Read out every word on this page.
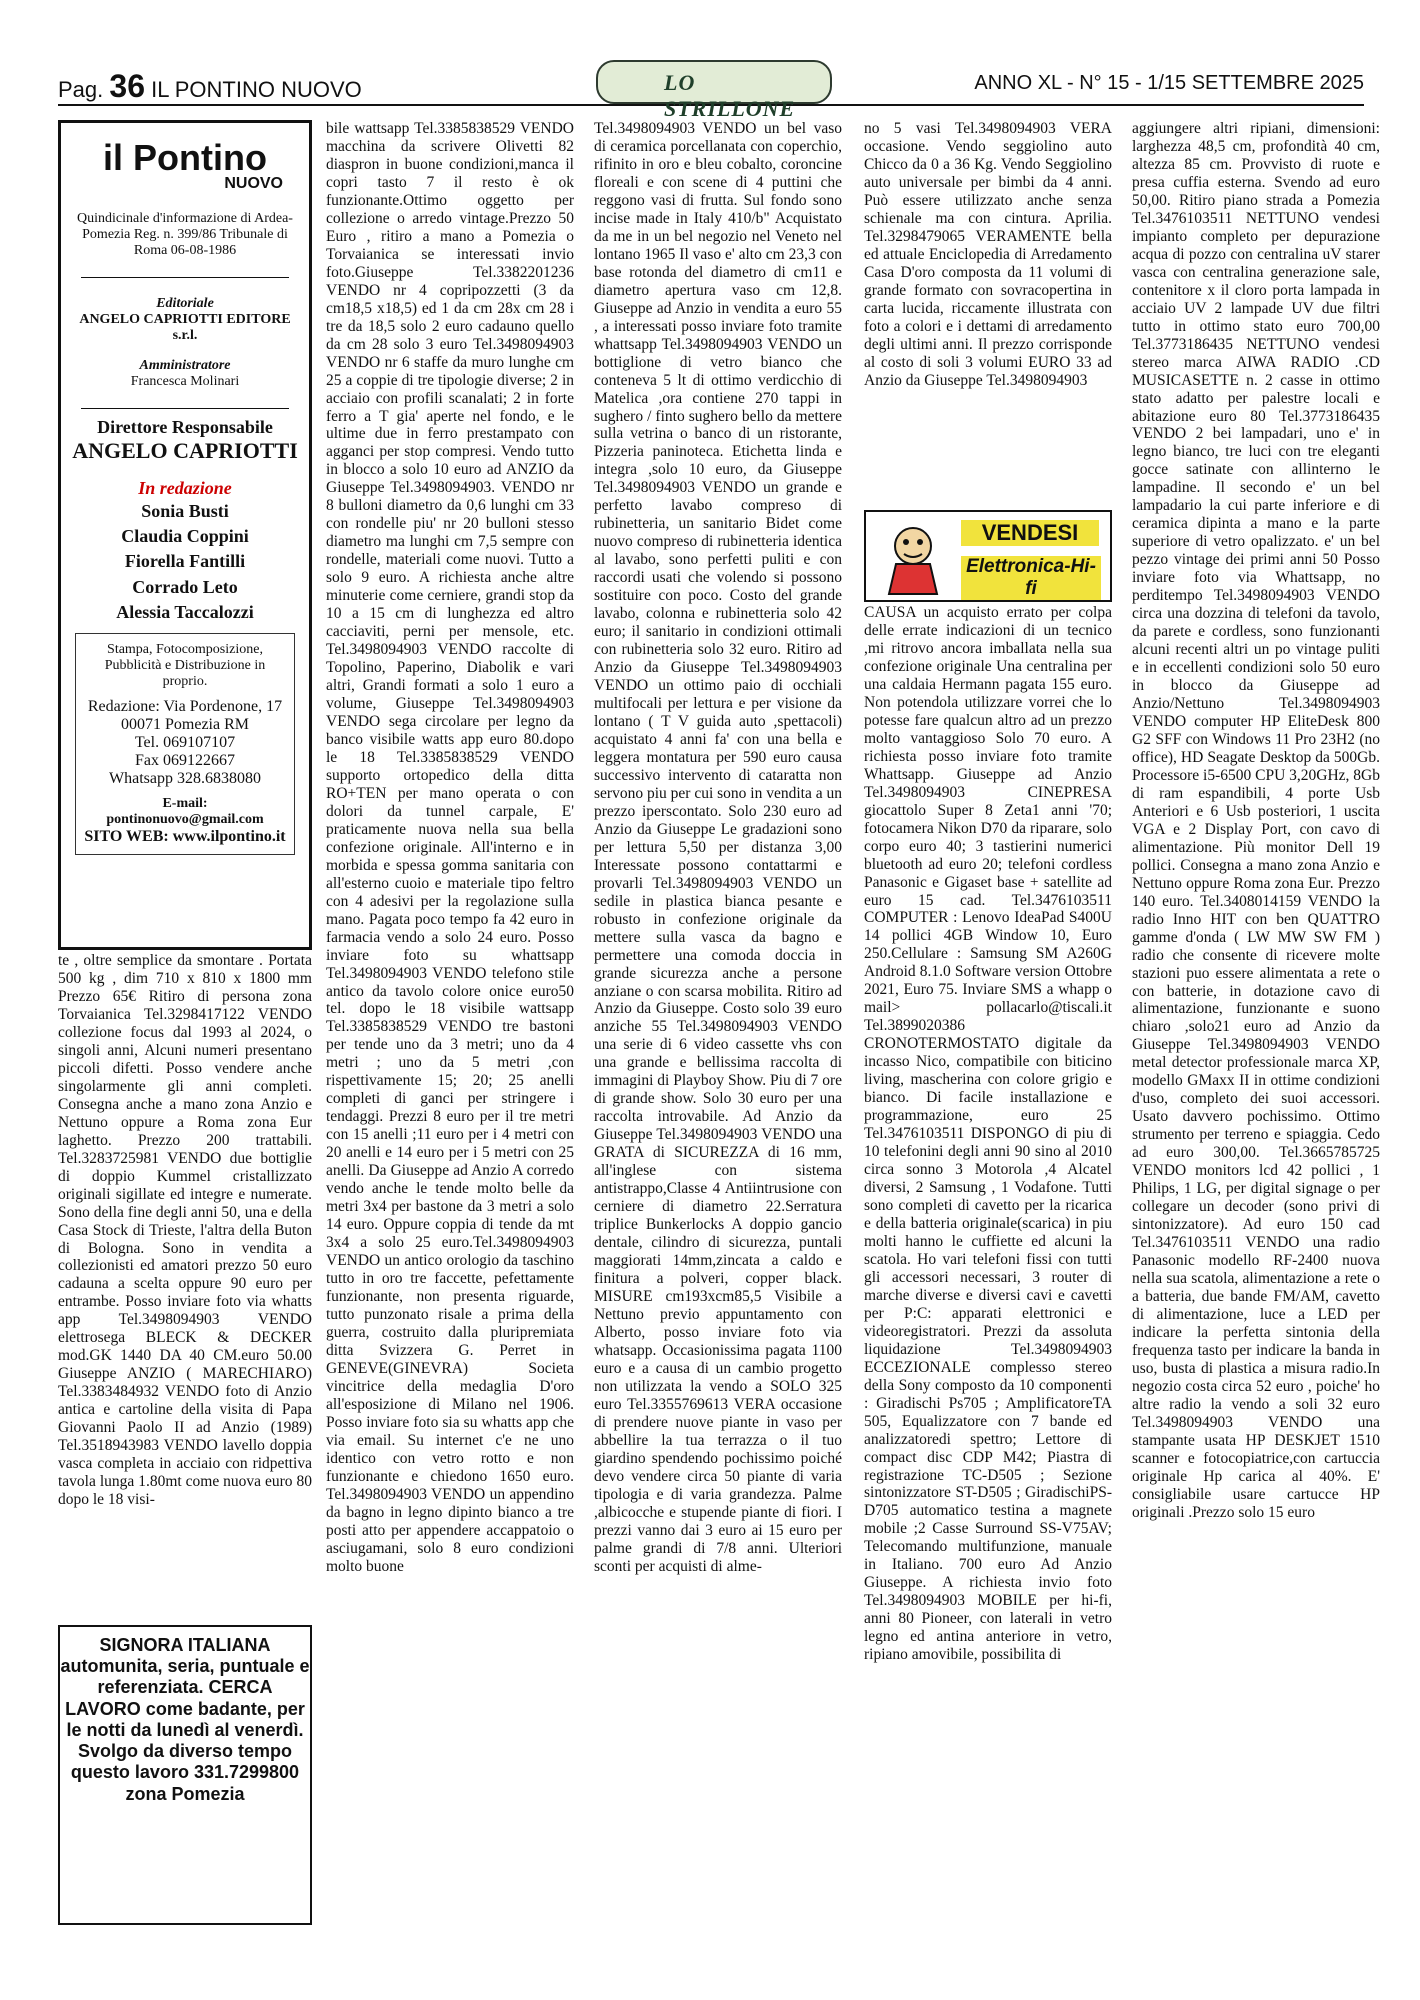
Pag. 36 IL PONTINO NUOVO	LO STRILLONE
ANNO XL - N° 15 - 1/15 SETTEMBRE 2025
il Pontino
NUOVO
Quindicinale d'informazione di Ardea-Pomezia Reg. n. 399/86 Tribunale di Roma 06-08-1986
Editoriale
ANGELO CAPRIOTTI EDITORE s.r.l.
Amministratore
Francesca Molinari
Direttore Responsabile
ANGELO CAPRIOTTI
In redazione
Sonia Busti
Claudia Coppini
Fiorella Fantilli
Corrado Leto
Alessia Taccalozzi
Stampa, Fotocomposizione, Pubblicità e Distribuzione in proprio.
Redazione: Via Pordenone, 17 00071 Pomezia RM
Tel. 069107107
Fax 069122667
Whatsapp 328.6838080
E-mail: pontinonuovo@gmail.com
SITO WEB: www.ilpontino.it

te , oltre semplice da smontare . Portata 500 kg , dim 710 x 810 x 1800 mm Prezzo 65€ Ritiro di persona zona Torvaianica Tel.3298417122 VENDO collezione focus dal 1993 al 2024, o singoli anni, Alcuni numeri presentano piccoli difetti. Posso vendere anche singolarmente gli anni completi. Consegna anche a mano zona Anzio e Nettuno oppure a Roma zona Eur laghetto. Prezzo 200 trattabili. Tel.3283725981 VENDO due bottiglie di doppio Kummel cristallizzato originali sigillate ed integre e numerate. Sono della fine degli anni 50, una e della Casa Stock di Trieste, l'altra della Buton di Bologna. Sono in vendita a collezionisti ed amatori prezzo 50 euro cadauna a scelta oppure 90 euro per entrambe. Posso inviare foto via whatts app Tel.3498094903 VENDO elettrosega BLECK & DECKER mod.GK 1440 DA 40 CM.euro 50.00 Giuseppe ANZIO ( MARECHIARO) Tel.3383484932 VENDO foto di Anzio antica e cartoline della visita di Papa Giovanni Paolo II ad Anzio (1989) Tel.3518943983 VENDO lavello doppia vasca completa in acciaio con ridpettiva tavola lunga 1.80mt come nuova euro 80 dopo le 18 visi-

SIGNORA ITALIANA automunita, seria, puntuale e referenziata. CERCA LAVORO come badante, per le notti da lunedì al venerdì. Svolgo da diverso tempo questo lavoro 331.7299800 zona Pomezia

bile wattsapp Tel.3385838529 VENDO macchina da scrivere Olivetti 82 diaspron in buone condizioni,manca il copri tasto 7 il resto è ok funzionante.Ottimo oggetto per collezione o arredo vintage.Prezzo 50 Euro , ritiro a mano a Pomezia o Torvaianica se interessati invio foto.Giuseppe Tel.3382201236 VENDO nr 4 copripozzetti (3 da cm18,5 x18,5) ed 1 da cm 28x cm 28 i tre da 18,5 solo 2 euro cadauno quello da cm 28 solo 3 euro Tel.3498094903 VENDO nr 6 staffe da muro lunghe cm 25 a coppie di tre tipologie diverse; 2 in acciaio con profili scanalati; 2 in forte ferro a T gia' aperte nel fondo, e le ultime due in ferro prestampato con agganci per stop compresi. Vendo tutto in blocco a solo 10 euro ad ANZIO da Giuseppe Tel.3498094903. VENDO nr 8 bulloni diametro da 0,6 lunghi cm 33 con rondelle piu' nr 20 bulloni stesso diametro ma lunghi cm 7,5 sempre con rondelle, materiali come nuovi. Tutto a solo 9 euro. A richiesta anche altre minuterie come cerniere, grandi stop da 10 a 15 cm di lunghezza ed altro cacciaviti, perni per mensole, etc. Tel.3498094903 VENDO raccolte di Topolino, Paperino, Diabolik e vari altri, Grandi formati a solo 1 euro a volume, Giuseppe Tel.3498094903 VENDO sega circolare per legno da banco visibile watts app euro 80.dopo le 18 Tel.3385838529 VENDO supporto ortopedico della ditta RO+TEN per mano operata o con dolori da tunnel carpale, E' praticamente nuova nella sua bella confezione originale. All'interno e in morbida e spessa gomma sanitaria con all'esterno cuoio e materiale tipo feltro con 4 adesivi per la regolazione sulla mano. Pagata poco tempo fa 42 euro in farmacia vendo a solo 24 euro. Posso inviare foto su whattsapp Tel.3498094903 VENDO telefono stile antico da tavolo colore onice euro50 tel. dopo le 18 visibile wattsapp Tel.3385838529 VENDO tre bastoni per tende uno da 3 metri; uno da 4 metri ; uno da 5 metri ,con rispettivamente 15; 20; 25 anelli completi di ganci per stringere i tendaggi. Prezzi 8 euro per il tre metri con 15 anelli ;11 euro per i 4 metri con 20 anelli e 14 euro per i 5 metri con 25 anelli. Da Giuseppe ad Anzio A corredo vendo anche le tende molto belle da metri 3x4 per bastone da 3 metri a solo 14 euro. Oppure coppia di tende da mt 3x4 a solo 25 euro.Tel.3498094903 VENDO un antico orologio da taschino tutto in oro tre faccette, pefettamente funzionante, non presenta riguarde, tutto punzonato risale a prima della guerra, costruito dalla pluripremiata ditta Svizzera G. Perret in GENEVE(GINEVRA) Societa vincitrice della medaglia D'oro all'esposizione di Milano nel 1906. Posso inviare foto sia su whatts app che via email. Su internet c'e ne uno identico con vetro rotto e non funzionante e chiedono 1650 euro. Tel.3498094903 VENDO un appendino da bagno in legno dipinto bianco a tre posti atto per appendere accappatoio o asciugamani, solo 8 euro condizioni molto buone

Tel.3498094903 VENDO un bel vaso di ceramica porcellanata con coperchio, rifinito in oro e bleu cobalto, coroncine floreali e con scene di 4 puttini che reggono vasi di frutta. Sul fondo sono incise made in Italy 410/b" Acquistato da me in un bel negozio nel Veneto nel lontano 1965 Il vaso e' alto cm 23,3 con base rotonda del diametro di cm11 e diametro apertura vaso cm 12,8. Giuseppe ad Anzio in vendita a euro 55 , a interessati posso inviare foto tramite whattsapp Tel.3498094903 VENDO un bottiglione di vetro bianco che conteneva 5 lt di ottimo verdicchio di Matelica ,ora contiene 270 tappi in sughero / finto sughero bello da mettere sulla vetrina o banco di un ristorante, Pizzeria paninoteca. Etichetta linda e integra ,solo 10 euro, da Giuseppe Tel.3498094903 VENDO un grande e perfetto lavabo compreso di rubinetteria, un sanitario Bidet come nuovo compreso di rubinetteria identica al lavabo, sono perfetti puliti e con raccordi usati che volendo si possono sostituire con poco. Costo del grande lavabo, colonna e rubinetteria solo 42 euro; il sanitario in condizioni ottimali con rubinetteria solo 32 euro. Ritiro ad Anzio da Giuseppe Tel.3498094903 VENDO un ottimo paio di occhiali multifocali per lettura e per visione da lontano ( T V guida auto ,spettacoli) acquistato 4 anni fa' con una bella e leggera montatura per 590 euro causa successivo intervento di cataratta non servono piu per cui sono in vendita a un prezzo iperscontato. Solo 230 euro ad Anzio da Giuseppe Le gradazioni sono per lettura 5,50 per distanza 3,00 Interessate possono contattarmi e provarli Tel.3498094903 VENDO un sedile in plastica bianca pesante e robusto in confezione originale da mettere sulla vasca da bagno e permettere una comoda doccia in grande sicurezza anche a persone anziane o con scarsa mobilita. Ritiro ad Anzio da Giuseppe. Costo solo 39 euro anziche 55 Tel.3498094903 VENDO una serie di 6 video cassette vhs con una grande e bellissima raccolta di immagini di Playboy Show. Piu di 7 ore di grande show. Solo 30 euro per una raccolta introvabile. Ad Anzio da Giuseppe Tel.3498094903 VENDO una GRATA di SICUREZZA di 16 mm, all'inglese con sistema antistrappo,Classe 4 Antiintrusione con cerniere di diametro 22.Serratura triplice Bunkerlocks A doppio gancio dentale, cilindro di sicurezza, puntali maggiorati 14mm,zincata a caldo e finitura a polveri, copper black. MISURE cm193xcm85,5 Visibile a Nettuno previo appuntamento con Alberto, posso inviare foto via whatsapp. Occasionissima pagata 1100 euro e a causa di un cambio progetto non utilizzata la vendo a SOLO 325 euro Tel.3355769613 VERA occasione di prendere nuove piante in vaso per abbellire la tua terrazza o il tuo giardino spendendo pochissimo poiché devo vendere circa 50 piante di varia tipologia e di varia grandezza. Palme ,albicocche e stupende piante di fiori. I prezzi vanno dai 3 euro ai 15 euro per palme grandi di 7/8 anni. Ulteriori sconti per acquisti di alme-

no 5 vasi Tel.3498094903 VERA occasione. Vendo seggiolino auto Chicco da 0 a 36 Kg. Vendo Seggiolino auto universale per bimbi da 4 anni. Può essere utilizzato anche senza schienale ma con cintura. Aprilia. Tel.3298479065 VERAMENTE bella ed attuale Enciclopedia di Arredamento Casa D'oro composta da 11 volumi di grande formato con sovracopertina in carta lucida, riccamente illustrata con foto a colori e i dettami di arredamento degli ultimi anni. Il prezzo corrisponde al costo di soli 3 volumi EURO 33 ad Anzio da Giuseppe Tel.3498094903

VENDESI
Elettronica-Hi-fi

CAUSA un acquisto errato per colpa delle errate indicazioni di un tecnico ,mi ritrovo ancora imballata nella sua confezione originale Una centralina per una caldaia Hermann pagata 155 euro. Non potendola utilizzare vorrei che lo potesse fare qualcun altro ad un prezzo molto vantaggioso Solo 70 euro. A richiesta posso inviare foto tramite Whattsapp. Giuseppe ad Anzio Tel.3498094903 CINEPRESA giocattolo Super 8 Zeta1 anni '70; fotocamera Nikon D70 da riparare, solo corpo euro 40; 3 tastierini numerici bluetooth ad euro 20; telefoni cordless Panasonic e Gigaset base + satellite ad euro 15 cad. Tel.3476103511 COMPUTER : Lenovo IdeaPad S400U 14 pollici 4GB Window 10, Euro 250.Cellulare : Samsung SM A260G Android 8.1.0 Software version Ottobre 2021, Euro 75. Inviare SMS a whapp o mail> pollacarlo@tiscali.it Tel.3899020386 CRONOTERMOSTATO digitale da incasso Nico, compatibile con biticino living, mascherina con colore grigio e bianco. Di facile installazione e programmazione, euro 25 Tel.3476103511 DISPONGO di piu di 10 telefonini degli anni 90 sino al 2010 circa sonno 3 Motorola ,4 Alcatel diversi, 2 Samsung , 1 Vodafone. Tutti sono completi di cavetto per la ricarica e della batteria originale(scarica) in piu molti hanno le cuffiette ed alcuni la scatola. Ho vari telefoni fissi con tutti gli accessori necessari, 3 router di marche diverse e diversi cavi e cavetti per P:C: apparati elettronici e videoregistratori. Prezzi da assoluta liquidazione Tel.3498094903 ECCEZIONALE complesso stereo della Sony composto da 10 componenti : Giradischi Ps705 ; AmplificatoreTA 505, Equalizzatore con 7 bande ed analizzatoredi spettro; Lettore di compact disc CDP M42; Piastra di registrazione TC-D505 ; Sezione sintonizzatore ST-D505 ; GiradischiPS-D705 automatico testina a magnete mobile ;2 Casse Surround SS-V75AV; Telecomando multifunzione, manuale in Italiano. 700 euro Ad Anzio Giuseppe. A richiesta invio foto Tel.3498094903 MOBILE per hi-fi, anni 80 Pioneer, con laterali in vetro legno ed antina anteriore in vetro, ripiano amovibile, possibilita di

aggiungere altri ripiani, dimensioni: larghezza 48,5 cm, profondità 40 cm, altezza 85 cm. Provvisto di ruote e presa cuffia esterna. Svendo ad euro 50,00. Ritiro piano strada a Pomezia Tel.3476103511 NETTUNO vendesi impianto completo per depurazione acqua di pozzo con centralina uV starer vasca con centralina generazione sale, contenitore x il cloro porta lampada in acciaio UV 2 lampade UV due filtri tutto in ottimo stato euro 700,00 Tel.3773186435 NETTUNO vendesi stereo marca AIWA RADIO .CD MUSICASETTE n. 2 casse in ottimo stato adatto per palestre locali e abitazione euro 80 Tel.3773186435 VENDO 2 bei lampadari, uno e' in legno bianco, tre luci con tre eleganti gocce satinate con allinterno le lampadine. Il secondo e' un bel lampadario la cui parte inferiore e di ceramica dipinta a mano e la parte superiore di vetro opalizzato. e' un bel pezzo vintage dei primi anni 50 Posso inviare foto via Whattsapp, no perditempo Tel.3498094903 VENDO circa una dozzina di telefoni da tavolo, da parete e cordless, sono funzionanti alcuni recenti altri un po vintage puliti e in eccellenti condizioni solo 50 euro in blocco da Giuseppe ad Anzio/Nettuno Tel.3498094903 VENDO computer HP EliteDesk 800 G2 SFF con Windows 11 Pro 23H2 (no office), HD Seagate Desktop da 500Gb. Processore i5-6500 CPU 3,20GHz, 8Gb di ram espandibili, 4 porte Usb Anteriori e 6 Usb posteriori, 1 uscita VGA e 2 Display Port, con cavo di alimentazione. Più monitor Dell 19 pollici. Consegna a mano zona Anzio e Nettuno oppure Roma zona Eur. Prezzo 140 euro. Tel.3408014159 VENDO la radio Inno HIT con ben QUATTRO gamme d'onda ( LW MW SW FM ) radio che consente di ricevere molte stazioni puo essere alimentata a rete o con batterie, in dotazione cavo di alimentazione, funzionante e suono chiaro ,solo21 euro ad Anzio da Giuseppe Tel.3498094903 VENDO metal detector professionale marca XP, modello GMaxx II in ottime condizioni d'uso, completo dei suoi accessori. Usato davvero pochissimo. Ottimo strumento per terreno e spiaggia. Cedo ad euro 300,00. Tel.3665785725 VENDO monitors lcd 42 pollici , 1 Philips, 1 LG, per digital signage o per collegare un decoder (sono privi di sintonizzatore). Ad euro 150 cad Tel.3476103511 VENDO una radio Panasonic modello RF-2400 nuova nella sua scatola, alimentazione a rete o a batteria, due bande FM/AM, cavetto di alimentazione, luce a LED per indicare la perfetta sintonia della frequenza tasto per indicare la banda in uso, busta di plastica a misura radio.In negozio costa circa 52 euro , poiche' ho altre radio la vendo a soli 32 euro Tel.3498094903 VENDO una stampante usata HP DESKJET 1510 scanner e fotocopiatrice,con cartuccia originale Hp carica al 40%. E' consigliabile usare cartucce HP originali .Prezzo solo 15 euro
